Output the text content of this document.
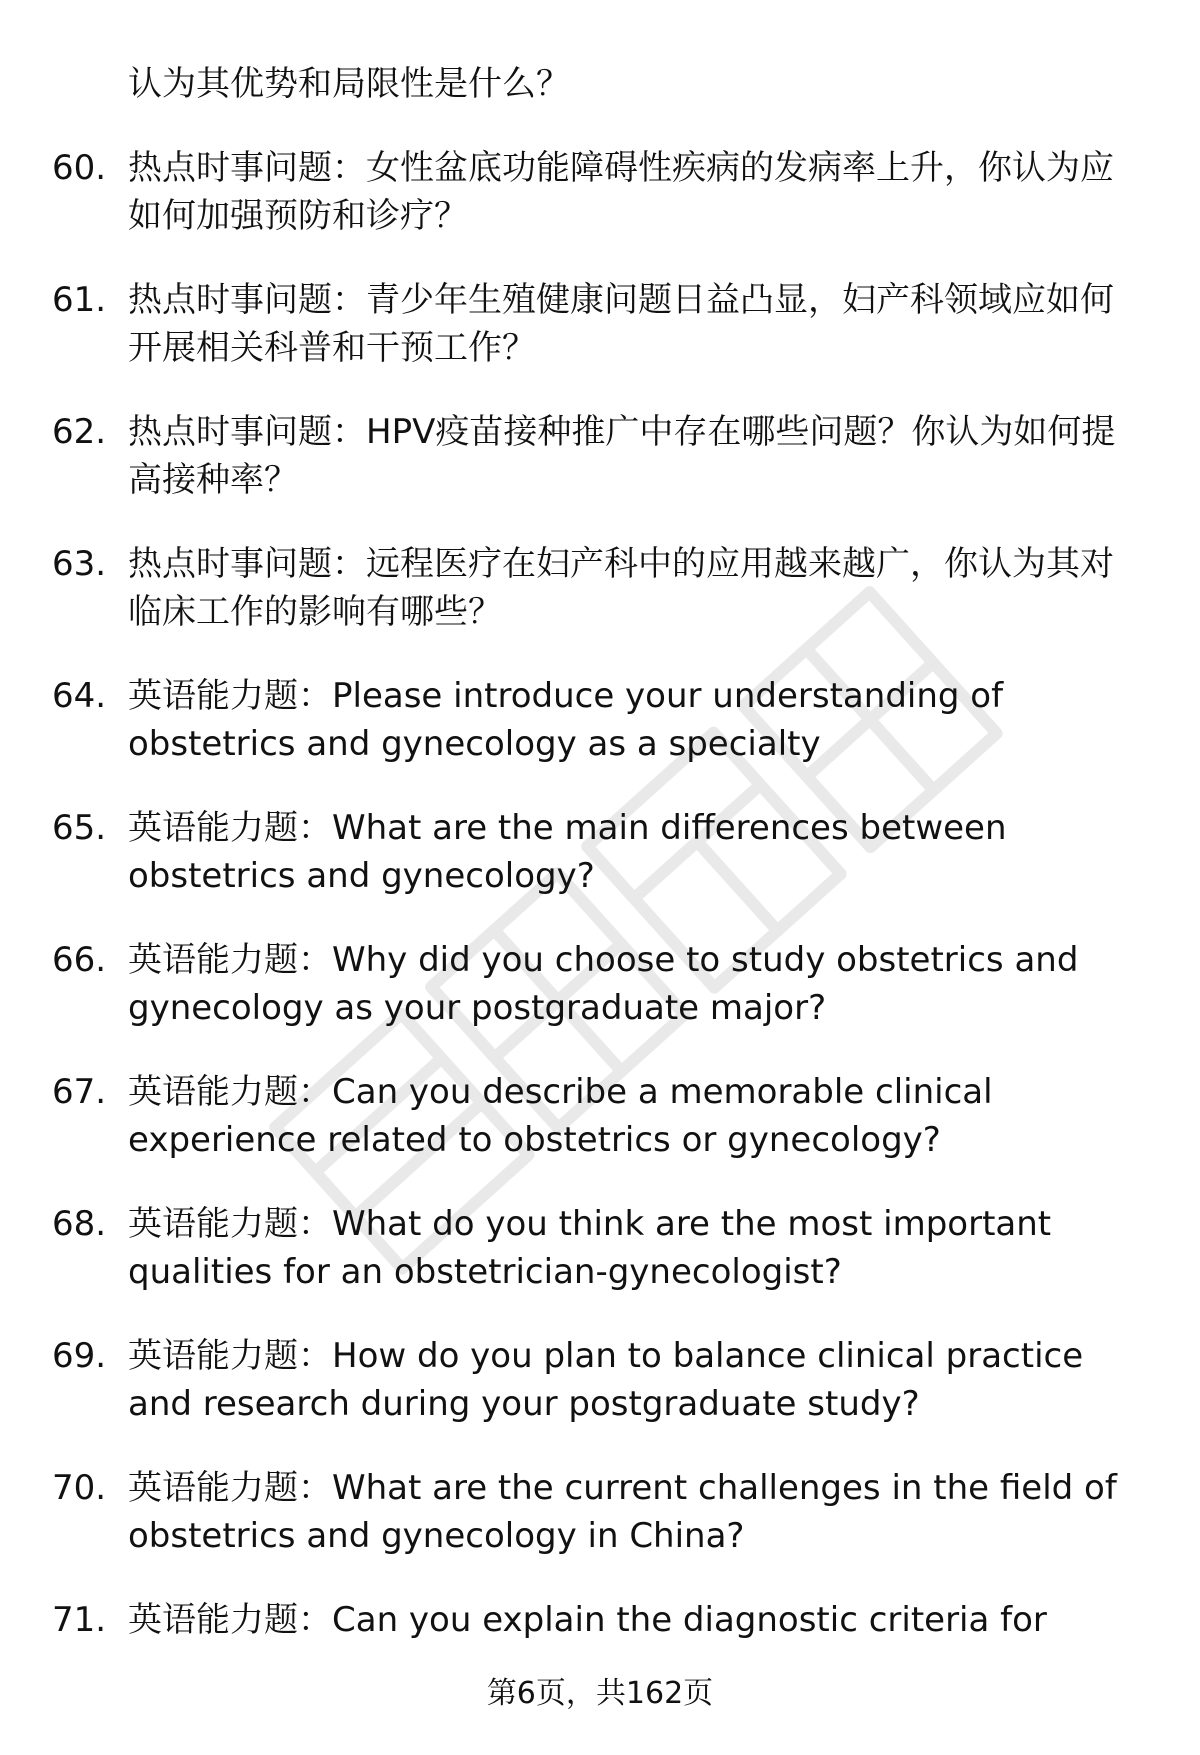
认为其优势和局限性是什么？
60. 热点时事问题：女性盆底功能障碍性疾病的发病率上升，你认为应如何加强预防和诊疗？
61. 热点时事问题：青少年生殖健康问题日益凸显，妇产科领域应如何开展相关科普和干预工作？
62. 热点时事问题：HPV疫苗接种推广中存在哪些问题？你认为如何提高接种率？
63. 热点时事问题：远程医疗在妇产科中的应用越来越广，你认为其对临床工作的影响有哪些？
64. 英语能力题：Please introduce your understanding of obstetrics and gynecology as a specialty
65. 英语能力题：What are the main differences between obstetrics and gynecology?
66. 英语能力题：Why did you choose to study obstetrics and gynecology as your postgraduate major?
67. 英语能力题：Can you describe a memorable clinical experience related to obstetrics or gynecology?
68. 英语能力题：What do you think are the most important qualities for an obstetrician-gynecologist?
69. 英语能力题：How do you plan to balance clinical practice and research during your postgraduate study?
70. 英语能力题：What are the current challenges in the field of obstetrics and gynecology in China?
71. 英语能力题：Can you explain the diagnostic criteria for
第6页，共162页
